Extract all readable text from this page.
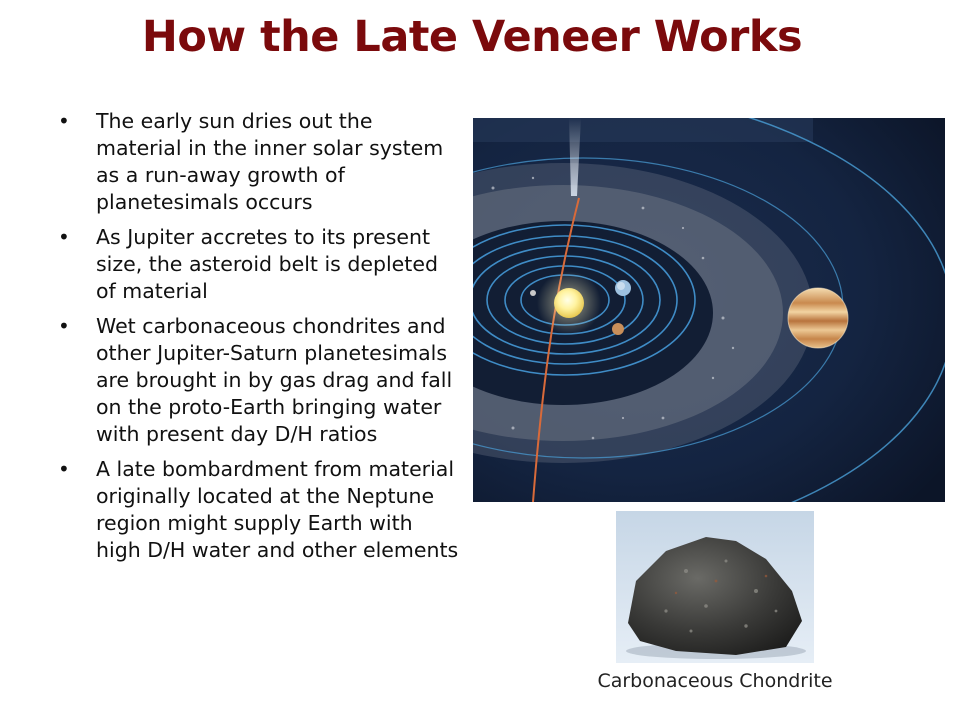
How the Late Veneer Works
• The early sun dries out the material in the inner solar system as a run-away growth of planetesimals occurs
• As Jupiter accretes to its present size, the asteroid belt is depleted of material
• Wet carbonaceous chondrites and other Jupiter-Saturn planetesimals are brought in by gas drag and fall on the proto-Earth bringing water with present day D/H ratios
• A late bombardment from material originally located at the Neptune region might supply Earth with high D/H water and other elements
Carbonaceous Chondrite
